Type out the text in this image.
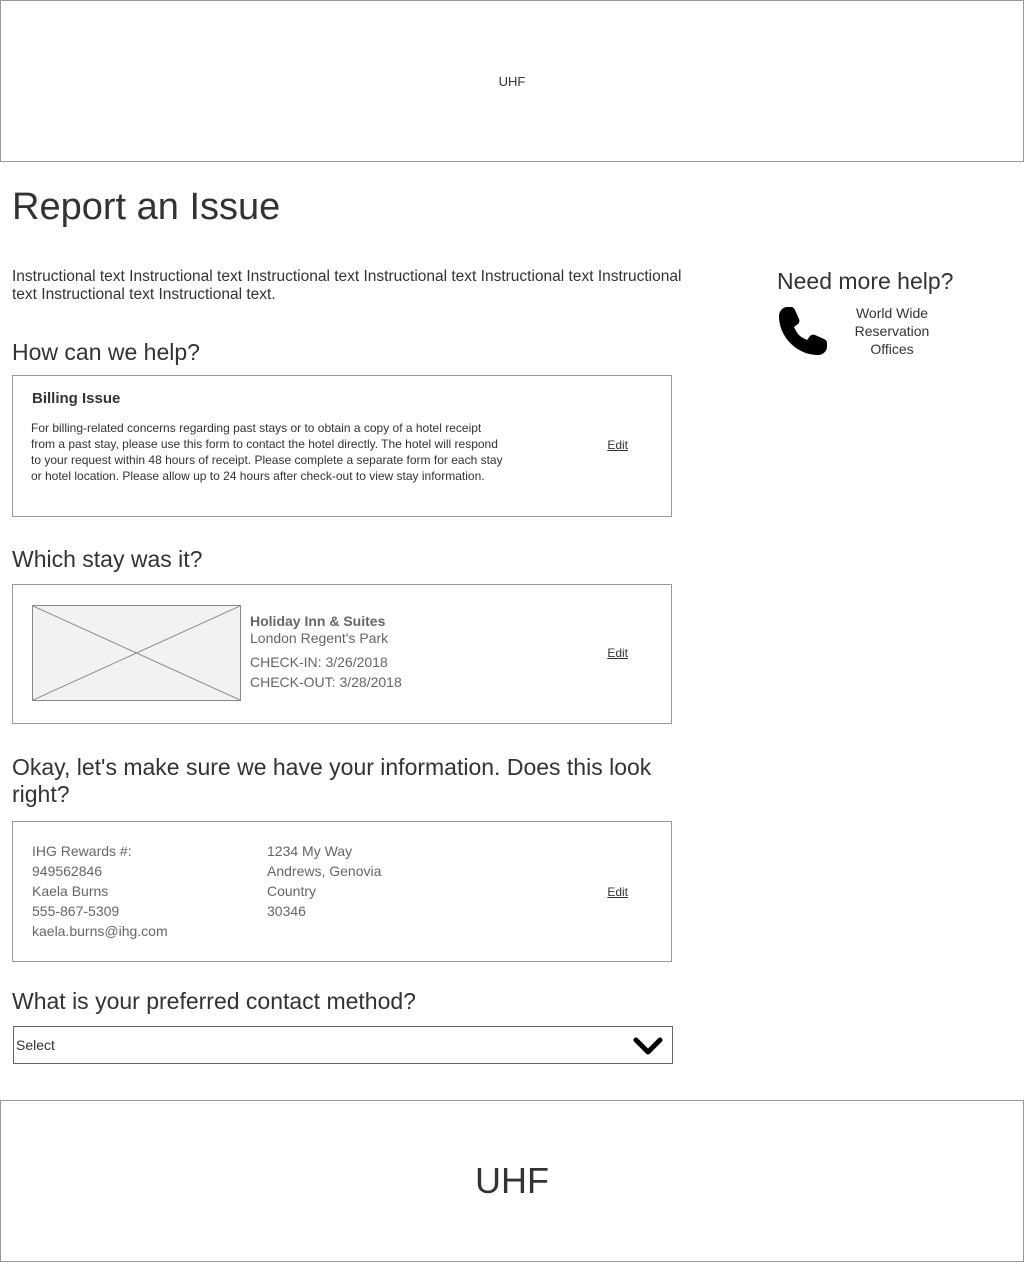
UHF
Report an Issue

Instructional text Instructional text Instructional text Instructional text Instructional text Instructional text Instructional text Instructional text.

How can we help?
Billing Issue
For billing-related concerns regarding past stays or to obtain a copy of a hotel receipt from a past stay, please use this form to contact the hotel directly. The hotel will respond to your request within 48 hours of receipt. Please complete a separate form for each stay or hotel location. Please allow up to 24 hours after check-out to view stay information.
Edit
Which stay was it?
Holiday Inn & Suites
London Regent's Park
CHECK-IN: 3/26/2018
CHECK-OUT: 3/28/2018
Edit
Okay, let's make sure we have your information. Does this look right?
IHG Rewards #:
949562846
Kaela Burns
555-867-5309
kaela.burns@ihg.com
1234 My Way
Andrews, Genovia
Country
30346
Edit
What is your preferred contact method?
Select
Need more help?
World Wide
Reservation
Offices
UHF
